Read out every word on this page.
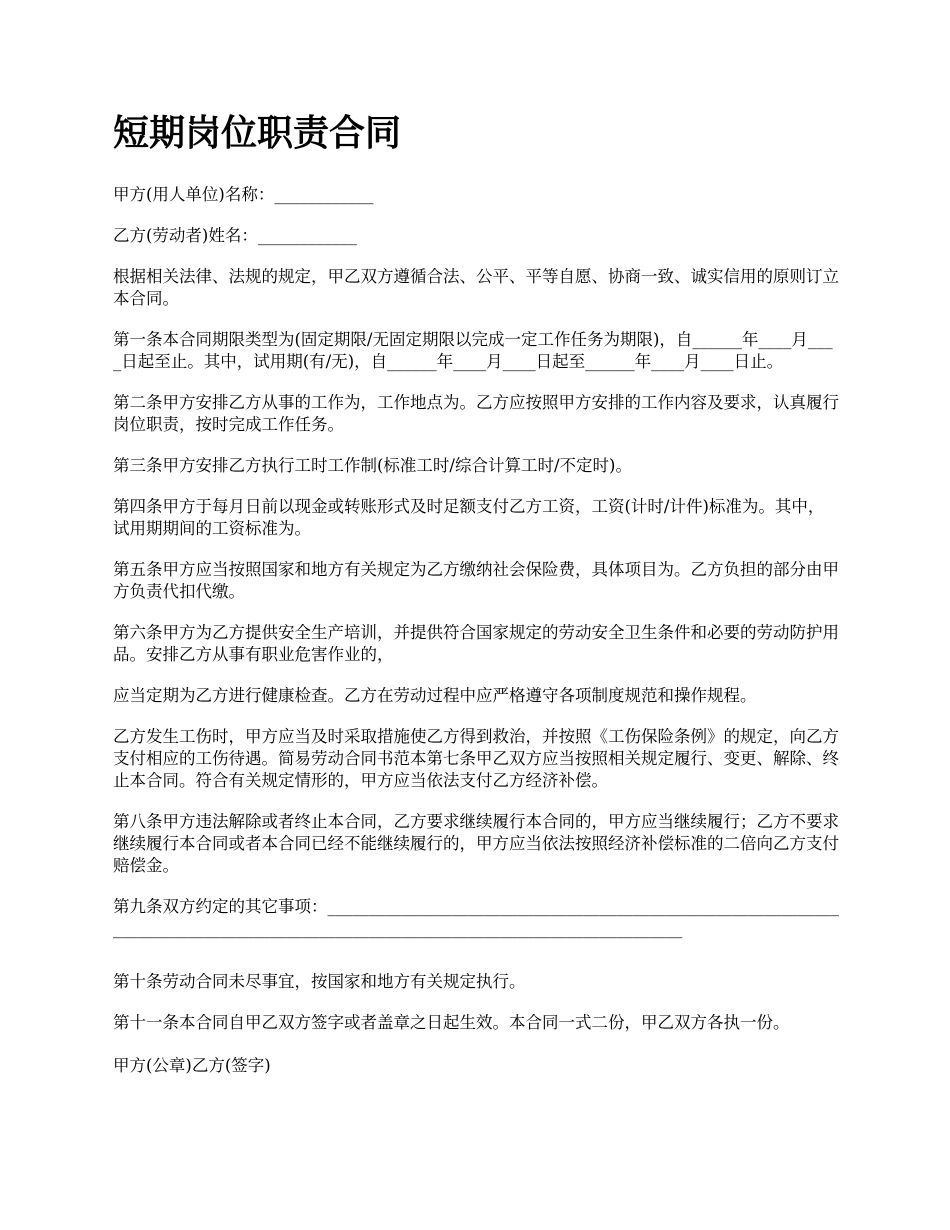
短期岗位职责合同

甲方(用人单位)名称：____________

乙方(劳动者)姓名：____________

根据相关法律、法规的规定，甲乙双方遵循合法、公平、平等自愿、协商一致、诚实信用的原则订立本合同。

第一条本合同期限类型为(固定期限/无固定期限以完成一定工作任务为期限)，自______年____月____日起至止。其中，试用期(有/无)，自______年____月____日起至______年____月____日止。

第二条甲方安排乙方从事的工作为，工作地点为。乙方应按照甲方安排的工作内容及要求，认真履行岗位职责，按时完成工作任务。

第三条甲方安排乙方执行工时工作制(标准工时/综合计算工时/不定时)。

第四条甲方于每月日前以现金或转账形式及时足额支付乙方工资，工资(计时/计件)标准为。其中，试用期期间的工资标准为。

第五条甲方应当按照国家和地方有关规定为乙方缴纳社会保险费，具体项目为。乙方负担的部分由甲方负责代扣代缴。

第六条甲方为乙方提供安全生产培训，并提供符合国家规定的劳动安全卫生条件和必要的劳动防护用品。安排乙方从事有职业危害作业的，

应当定期为乙方进行健康检查。乙方在劳动过程中应严格遵守各项制度规范和操作规程。

乙方发生工伤时，甲方应当及时采取措施使乙方得到救治，并按照《工伤保险条例》的规定，向乙方支付相应的工伤待遇。简易劳动合同书范本第七条甲乙双方应当按照相关规定履行、变更、解除、终止本合同。符合有关规定情形的，甲方应当依法支付乙方经济补偿。

第八条甲方违法解除或者终止本合同，乙方要求继续履行本合同的，甲方应当继续履行；乙方不要求继续履行本合同或者本合同已经不能继续履行的，甲方应当依法按照经济补偿标准的二倍向乙方支付赔偿金。

第九条双方约定的其它事项：___________________________________________________________________________________________________________________________________

第十条劳动合同未尽事宜，按国家和地方有关规定执行。

第十一条本合同自甲乙双方签字或者盖章之日起生效。本合同一式二份，甲乙双方各执一份。

甲方(公章)乙方(签字)
